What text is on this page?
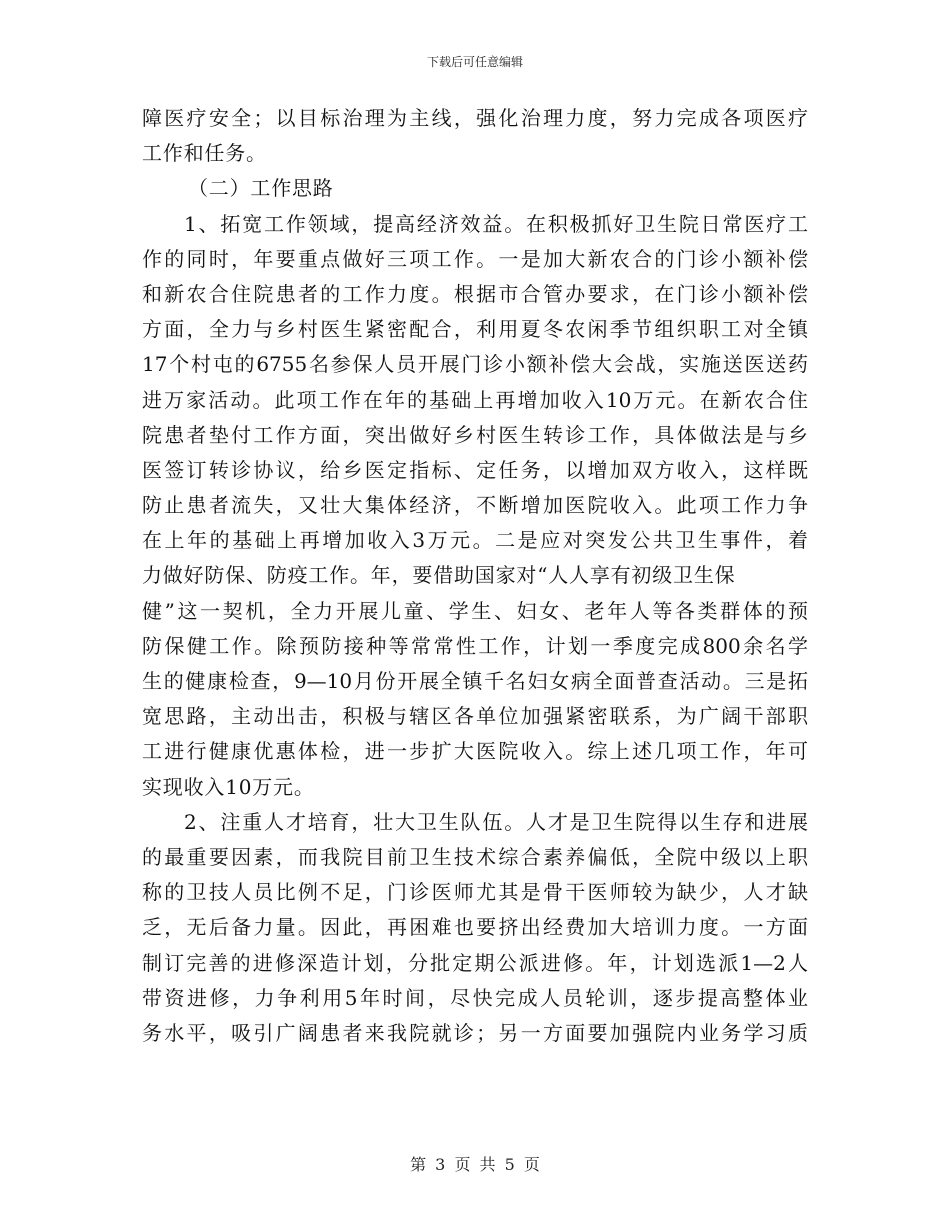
下载后可任意编辑
障医疗安全；以目标治理为主线，强化治理力度，努力完成各项医疗
工作和任务。
（二）工作思路
1、拓宽工作领域，提高经济效益。在积极抓好卫生院日常医疗工
作的同时，年要重点做好三项工作。一是加大新农合的门诊小额补偿
和新农合住院患者的工作力度。根据市合管办要求，在门诊小额补偿
方面，全力与乡村医生紧密配合，利用夏冬农闲季节组织职工对全镇
17个村屯的6755名参保人员开展门诊小额补偿大会战，实施送医送药
进万家活动。此项工作在年的基础上再增加收入10万元。在新农合住
院患者垫付工作方面，突出做好乡村医生转诊工作，具体做法是与乡
医签订转诊协议，给乡医定指标、定任务，以增加双方收入，这样既
防止患者流失，又壮大集体经济，不断增加医院收入。此项工作力争
在上年的基础上再增加收入3万元。二是应对突发公共卫生事件，着
力做好防保、防疫工作。年，要借助国家对“人人享有初级卫生保
健”这一契机，全力开展儿童、学生、妇女、老年人等各类群体的预
防保健工作。除预防接种等常常性工作，计划一季度完成800余名学
生的健康检查，9—10月份开展全镇千名妇女病全面普查活动。三是拓
宽思路，主动出击，积极与辖区各单位加强紧密联系，为广阔干部职
工进行健康优惠体检，进一步扩大医院收入。综上述几项工作，年可
实现收入10万元。
2、注重人才培育，壮大卫生队伍。人才是卫生院得以生存和进展
的最重要因素，而我院目前卫生技术综合素养偏低，全院中级以上职
称的卫技人员比例不足，门诊医师尤其是骨干医师较为缺少，人才缺
乏，无后备力量。因此，再困难也要挤出经费加大培训力度。一方面
制订完善的进修深造计划，分批定期公派进修。年，计划选派1—2人
带资进修，力争利用5年时间，尽快完成人员轮训，逐步提高整体业
务水平，吸引广阔患者来我院就诊；另一方面要加强院内业务学习质
第 3 页 共 5 页
